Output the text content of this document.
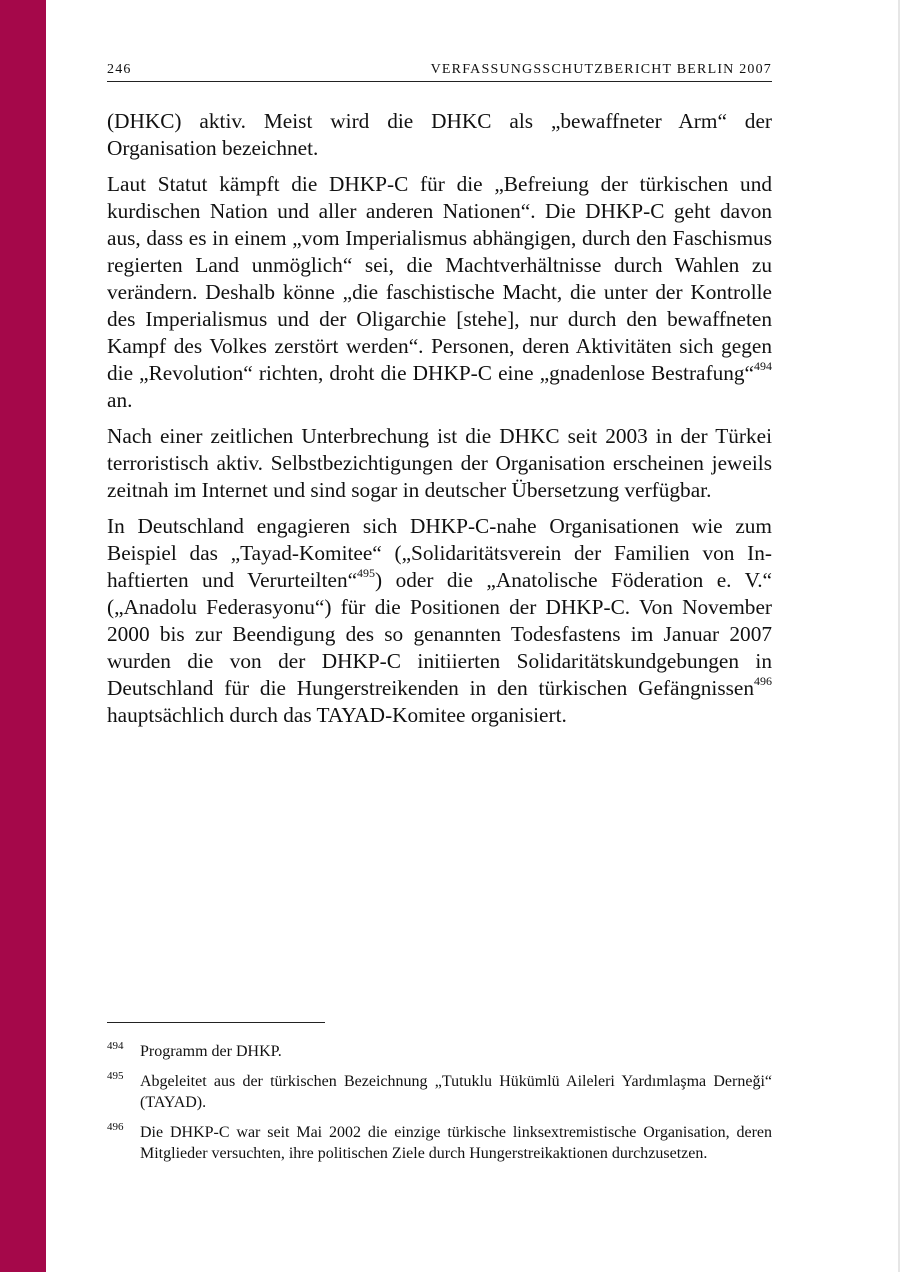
246	VERFASSUNGSSCHUTZBERICHT BERLIN 2007

(DHKC) aktiv. Meist wird die DHKC als „bewaffneter Arm“ der Organisation bezeichnet.

Laut Statut kämpft die DHKP-C für die „Befreiung der türkischen und kurdischen Nation und aller anderen Nationen“. Die DHKP-C geht davon aus, dass es in einem „vom Imperialismus abhängigen, durch den Faschismus regierten Land unmöglich“ sei, die Machtverhältnisse durch Wahlen zu verändern. Deshalb könne „die faschistische Macht, die unter der Kontrolle des Imperialismus und der Oligarchie [stehe], nur durch den bewaffneten Kampf des Volkes zerstört werden“. Personen, deren Aktivitäten sich gegen die „Revolution“ richten, droht die DHKP-C eine „gnadenlose Bestrafung“$^{494}$ an.

Nach einer zeitlichen Unterbrechung ist die DHKC seit 2003 in der Türkei terroristisch aktiv. Selbstbezichtigungen der Organisation erscheinen jeweils zeitnah im Internet und sind sogar in deutscher Übersetzung verfügbar.

In Deutschland engagieren sich DHKP-C-nahe Organisationen wie zum Beispiel das „Tayad-Komitee“ („Solidaritätsverein der Familien von Inhaftierten und Verurteilten“$^{495}$) oder die „Anatolische Föderation e. V.“ („Anadolu Federasyonu“) für die Positionen der DHKP-C. Von November 2000 bis zur Beendigung des so genannten Todesfastens im Januar 2007 wurden die von der DHKP-C initiierten Solidaritätskundgebungen in Deutschland für die Hungerstreikenden in den türkischen Gefängnissen$^{496}$ hauptsächlich durch das TAYAD-Komitee organisiert.

494	Programm der DHKP.
495	Abgeleitet aus der türkischen Bezeichnung „Tutuklu Hükümlü Aileleri Yardımlaşma Derneği“ (TAYAD).
496	Die DHKP-C war seit Mai 2002 die einzige türkische linksextremistische Organisation, deren Mitglieder versuchten, ihre politischen Ziele durch Hungerstreikaktionen durchzusetzen.
